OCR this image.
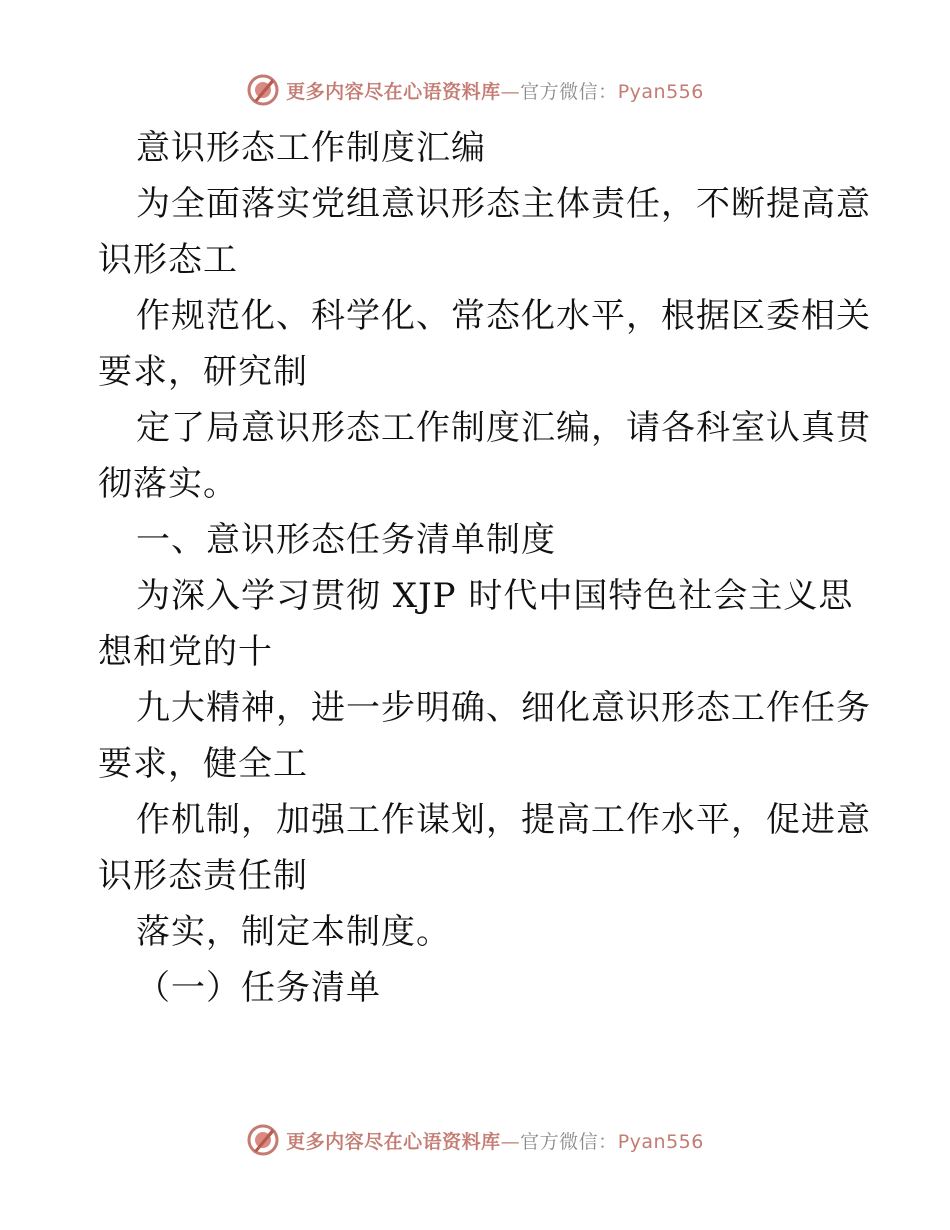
更多内容尽在心语资料库—官方微信：Pyan556
意识形态工作制度汇编
为全面落实党组意识形态主体责任，不断提高意
识形态工
作规范化、科学化、常态化水平，根据区委相关
要求，研究制
定了局意识形态工作制度汇编，请各科室认真贯
彻落实。
一、意识形态任务清单制度
为深入学习贯彻 XJP 时代中国特色社会主义思
想和党的十
九大精神，进一步明确、细化意识形态工作任务
要求，健全工
作机制，加强工作谋划，提高工作水平，促进意
识形态责任制
落实，制定本制度。
（一）任务清单
更多内容尽在心语资料库—官方微信：Pyan556
